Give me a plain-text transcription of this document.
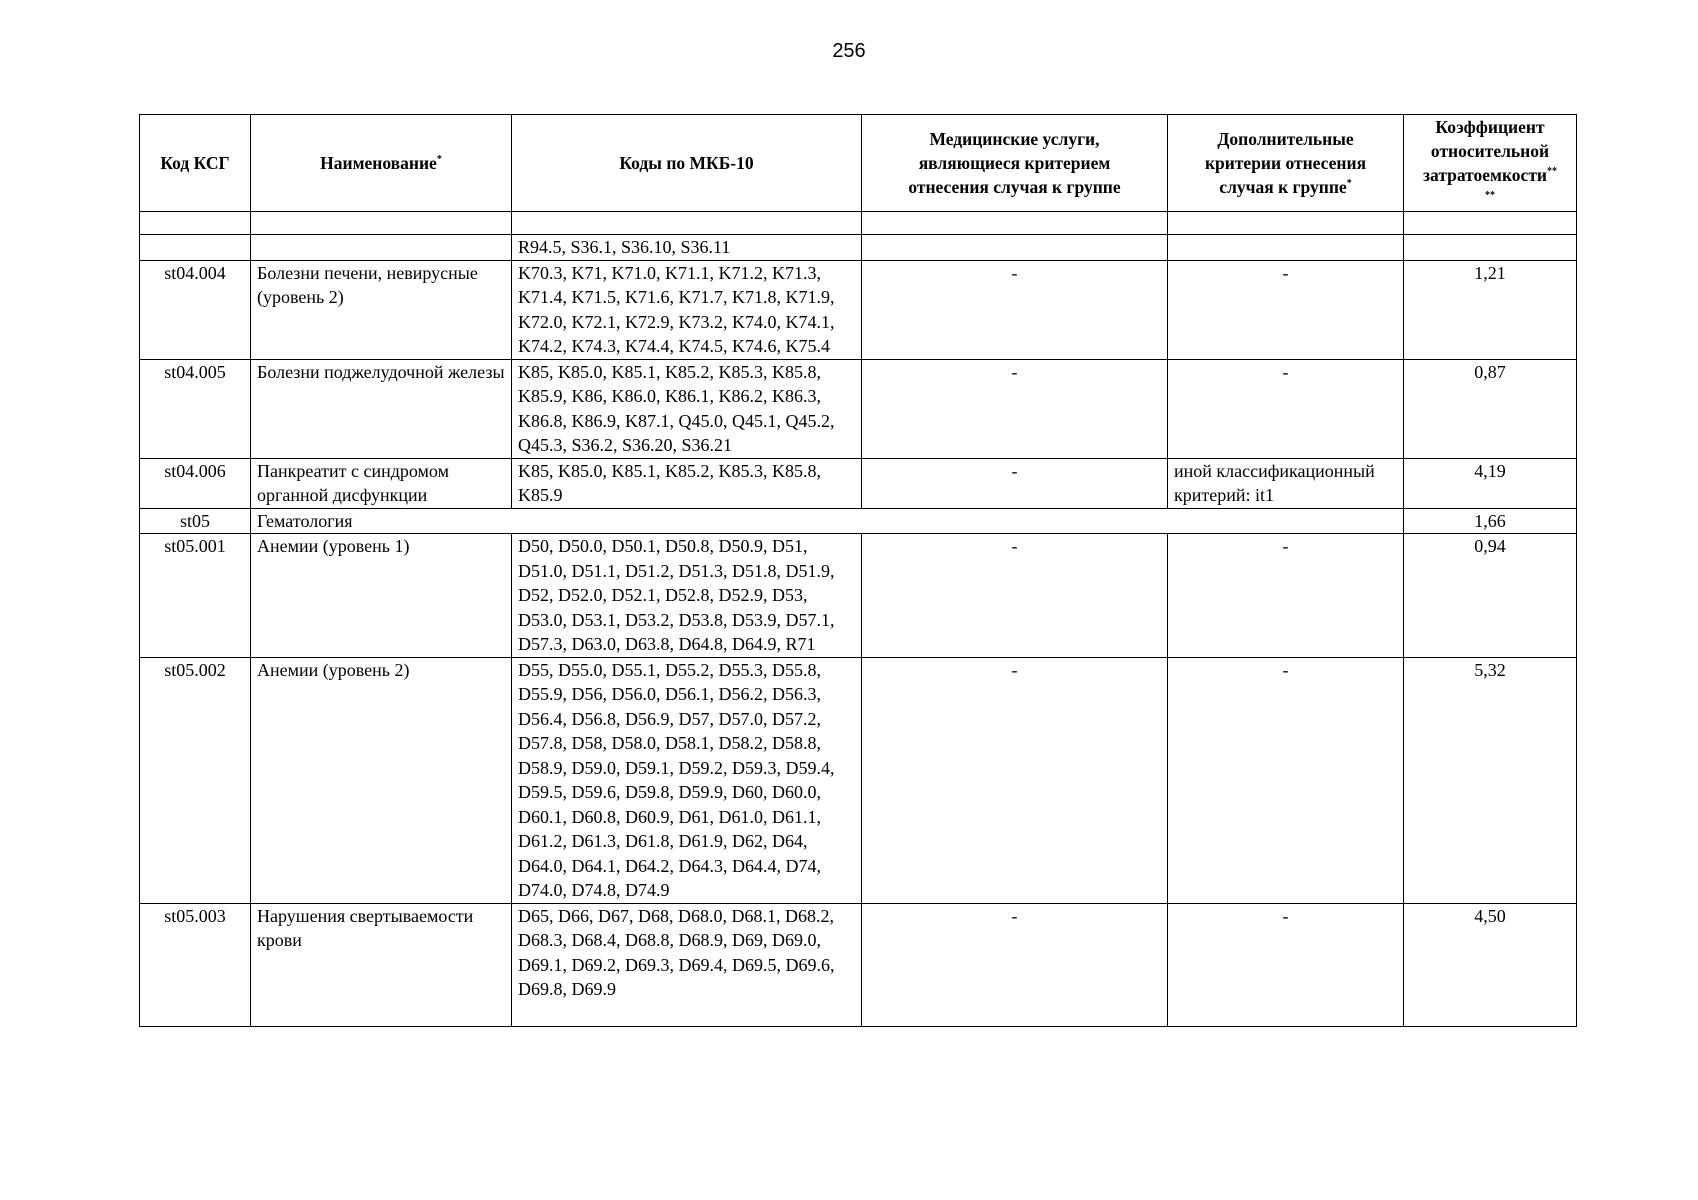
256
Код КСГ	Наименование*	Коды по МКБ-10	Медицинские услуги,
являющиеся критерием
отнесения случая к группе	Дополнительные
критерии отнесения
случая к группе*	Коэффициент
относительной
затратоемкости**
**

		R94.5, S36.1, S36.10, S36.11			
st04.004	Болезни печени, невирусные (уровень 2)	K70.3, K71, K71.0, K71.1, K71.2, K71.3, K71.4, K71.5, K71.6, K71.7, K71.8, K71.9, K72.0, K72.1, K72.9, K73.2, K74.0, K74.1, K74.2, K74.3, K74.4, K74.5, K74.6, K75.4	-	-	1,21
st04.005	Болезни поджелудочной железы	K85, K85.0, K85.1, K85.2, K85.3, K85.8, K85.9, K86, K86.0, K86.1, K86.2, K86.3, K86.8, K86.9, K87.1, Q45.0, Q45.1, Q45.2, Q45.3, S36.2, S36.20, S36.21	-	-	0,87
st04.006	Панкреатит с синдромом органной дисфункции	K85, K85.0, K85.1, K85.2, K85.3, K85.8, K85.9	-	иной классификационный критерий: it1	4,19
st05	Гематология				1,66
st05.001	Анемии (уровень 1)	D50, D50.0, D50.1, D50.8, D50.9, D51, D51.0, D51.1, D51.2, D51.3, D51.8, D51.9, D52, D52.0, D52.1, D52.8, D52.9, D53, D53.0, D53.1, D53.2, D53.8, D53.9, D57.1, D57.3, D63.0, D63.8, D64.8, D64.9, R71	-	-	0,94
st05.002	Анемии (уровень 2)	D55, D55.0, D55.1, D55.2, D55.3, D55.8, D55.9, D56, D56.0, D56.1, D56.2, D56.3, D56.4, D56.8, D56.9, D57, D57.0, D57.2, D57.8, D58, D58.0, D58.1, D58.2, D58.8, D58.9, D59.0, D59.1, D59.2, D59.3, D59.4, D59.5, D59.6, D59.8, D59.9, D60, D60.0, D60.1, D60.8, D60.9, D61, D61.0, D61.1, D61.2, D61.3, D61.8, D61.9, D62, D64, D64.0, D64.1, D64.2, D64.3, D64.4, D74, D74.0, D74.8, D74.9	-	-	5,32
st05.003	Нарушения свертываемости крови	D65, D66, D67, D68, D68.0, D68.1, D68.2, D68.3, D68.4, D68.8, D68.9, D69, D69.0, D69.1, D69.2, D69.3, D69.4, D69.5, D69.6, D69.8, D69.9	-	-	4,50
